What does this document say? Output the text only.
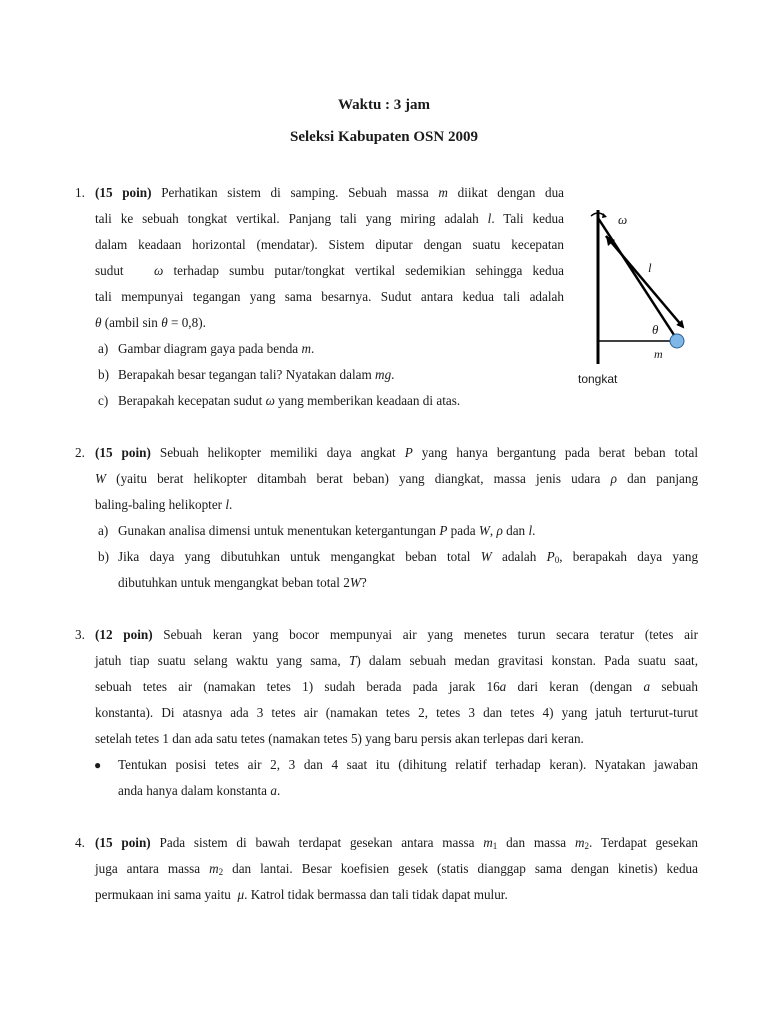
Waktu : 3 jam
Seleksi Kabupaten OSN 2009
1. (15 poin) Perhatikan sistem di samping. Sebuah massa m diikat dengan dua
tali ke sebuah tongkat vertikal. Panjang tali yang miring adalah l. Tali kedua
dalam keadaan horizontal (mendatar). Sistem diputar dengan suatu kecepatan
sudut ω terhadap sumbu putar/tongkat vertikal sedemikian sehingga kedua
tali mempunyai tegangan yang sama besarnya. Sudut antara kedua tali adalah
θ (ambil sin θ = 0,8).
a) Gambar diagram gaya pada benda m.
b) Berapakah besar tegangan tali? Nyatakan dalam mg.
c) Berapakah kecepatan sudut ω yang memberikan keadaan di atas.
ω
l
θ
m
tongkat
2. (15 poin) Sebuah helikopter memiliki daya angkat P yang hanya bergantung pada berat beban total
W (yaitu berat helikopter ditambah berat beban) yang diangkat, massa jenis udara ρ dan panjang
baling-baling helikopter l.
a) Gunakan analisa dimensi untuk menentukan ketergantungan P pada W, ρ dan l.
b) Jika daya yang dibutuhkan untuk mengangkat beban total W adalah $P_0$, berapakah daya yang
dibutuhkan untuk mengangkat beban total 2W?
3. (12 poin) Sebuah keran yang bocor mempunyai air yang menetes turun secara teratur (tetes air
jatuh tiap suatu selang waktu yang sama, T) dalam sebuah medan gravitasi konstan. Pada suatu saat,
sebuah tetes air (namakan tetes 1) sudah berada pada jarak 16a dari keran (dengan a sebuah
konstanta). Di atasnya ada 3 tetes air (namakan tetes 2, tetes 3 dan tetes 4) yang jatuh terturut-turut
setelah tetes 1 dan ada satu tetes (namakan tetes 5) yang baru persis akan terlepas dari keran.
● Tentukan posisi tetes air 2, 3 dan 4 saat itu (dihitung relatif terhadap keran). Nyatakan jawaban
anda hanya dalam konstanta a.
4. (15 poin) Pada sistem di bawah terdapat gesekan antara massa $m_1$ dan massa $m_2$. Terdapat gesekan
juga antara massa $m_2$ dan lantai. Besar koefisien gesek (statis dianggap sama dengan kinetis) kedua
permukaan ini sama yaitu μ. Katrol tidak bermassa dan tali tidak dapat mulur.
